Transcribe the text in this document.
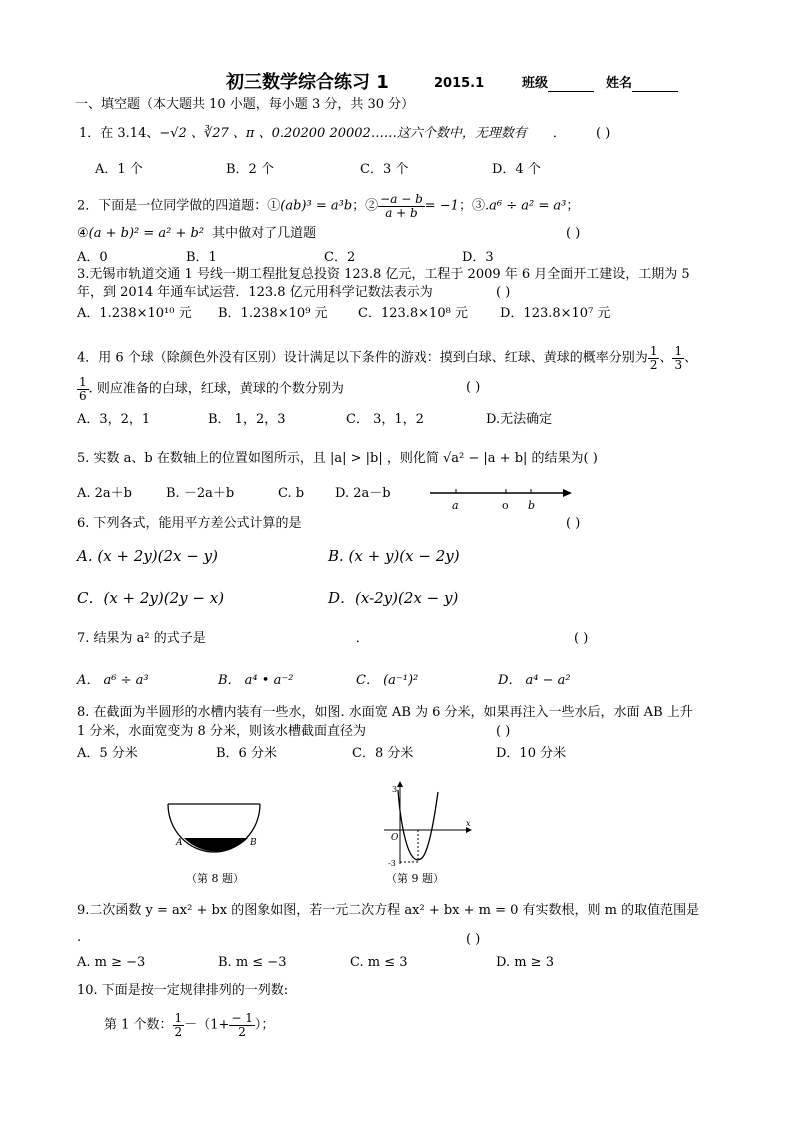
初三数学综合练习 1	2015.1	班级	姓名
一、填空题（本大题共 10 小题，每小题 3 分，共 30 分）
1．在 3.14、−√2 、∛27 、π 、0.20200 20002……这六个数中，无理数有 ． ( )
A．1 个	B．2 个	C．3 个	D．4 个
2．下面是一位同学做的四道题：①(ab)³ = a³b；② $\frac{-a - b}{a + b} = -1$；③.a⁶ ÷ a² = a³；
④(a + b)² = a² + b² 其中做对了几道题	( )
A．0	B．1	C．2	D．3
3.无锡市轨道交通 1 号线一期工程批复总投资 123.8 亿元，工程于 2009 年 6 月全面开工建设，工期为 5
年，到 2014 年通车试运营．123.8 亿元用科学记数法表示为	( )
A．1.238×10¹⁰ 元 B．1.238×10⁹ 元 C．123.8×10⁸ 元 D．123.8×10⁷ 元
4．用 6 个球（除颜色外没有区别）设计满足以下条件的游戏：摸到白球、红球、黄球的概率分别为 $\frac{1}{2}$ 、 $\frac{1}{3}$ 、
$\frac{1}{6}$ . 则应准备的白球，红球，黄球的个数分别为	( )
A．3，2，1	B． 1，2，3	C． 3，1，2	D.无法确定
5. 实数 a、b 在数轴上的位置如图所示，且 |a| > |b| ，则化简 √a² − |a + b| 的结果为( )
A. 2a＋b	B. －2a＋b	C. b D. 2a－b
a	o b
6. 下列各式，能用平方差公式计算的是	( )
A. (x + 2y)(2x − y)	B. (x + y)(x − 2y)
C．(x + 2y)(2y − x)	D．(x-2y)(2x − y)
7. 结果为 a² 的式子是	．	( )
A． a⁶ ÷ a³	B． a⁴ • a⁻²	C． (a⁻¹)²	D． a⁴ − a²
8. 在截面为半圆形的水槽内装有一些水，如图. 水面宽 AB 为 6 分米，如果再注入一些水后，水面 AB 上升
1 分米，水面宽变为 8 分米，则该水槽截面直径为	( )
A．5 分米	B．6 分米	C．8 分米	D．10 分米
A	B
（第 8 题）
3
O
x
-3
（第 9 题）
9.二次函数 y = ax² + bx 的图象如图，若一元二次方程 ax² + bx + m = 0 有实数根，则 m 的取值范围是
.	( )
A. m ≥ −3	B. m ≤ −3	C. m ≤ 3	D. m ≥ 3
10. 下面是按一定规律排列的一列数:
第 1 个数： $\frac{1}{2} -(1+ \frac{- 1}{2}$ ）；
